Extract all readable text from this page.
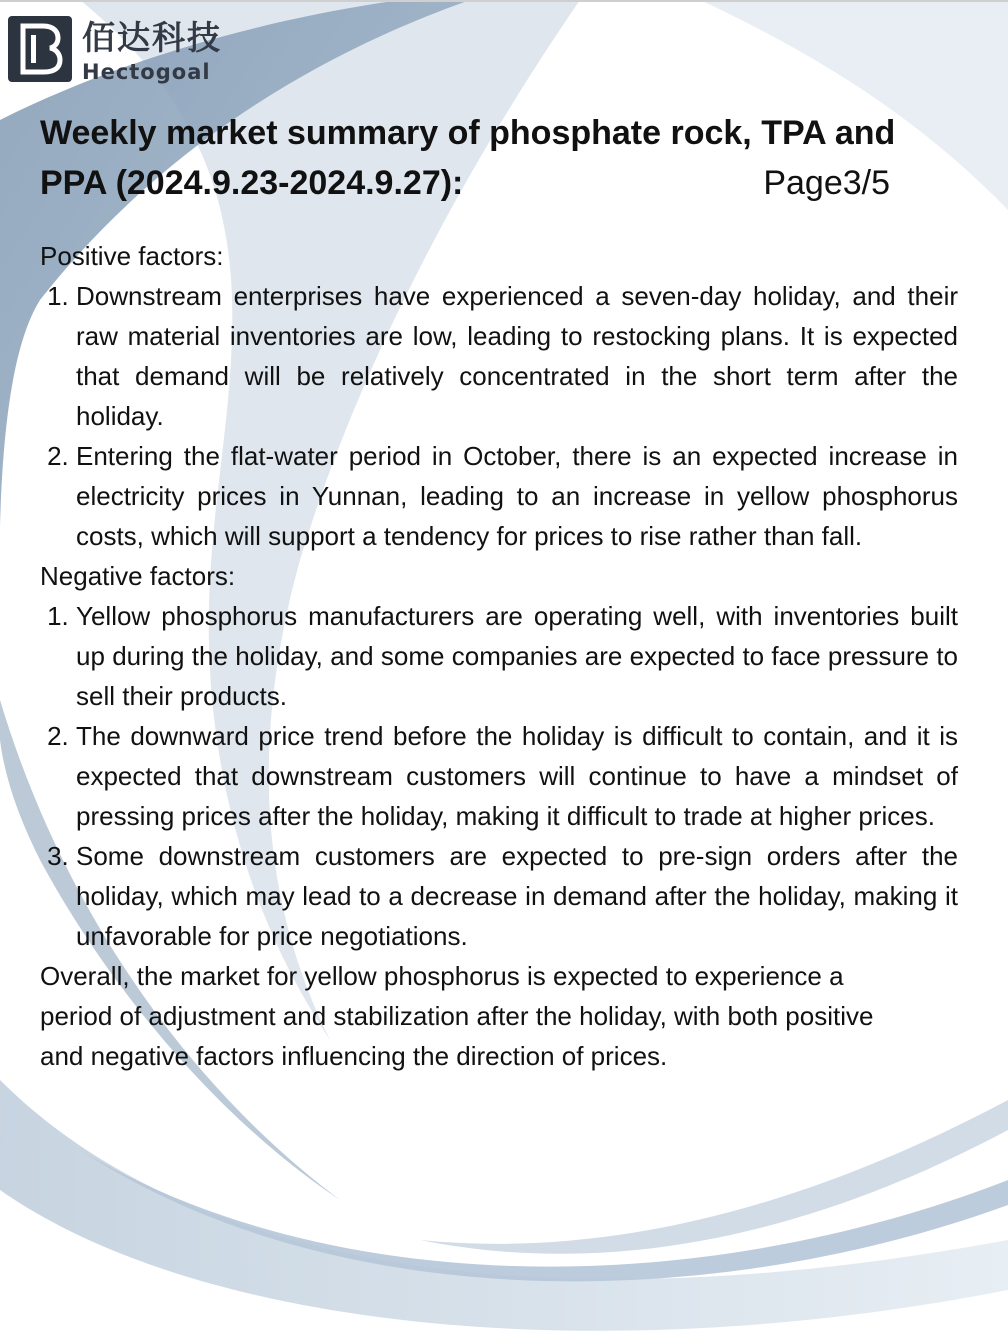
佰达科技
Hectogoal
Weekly market summary of phosphate rock, TPA and PPA (2024.9.23-2024.9.27):	Page3/5

Positive factors:

1. Downstream enterprises have experienced a seven-day holiday, and their raw material inventories are low, leading to restocking plans. It is expected that demand will be relatively concentrated in the short term after the holiday.
2. Entering the flat-water period in October, there is an expected increase in electricity prices in Yunnan, leading to an increase in yellow phosphorus costs, which will support a tendency for prices to rise rather than fall.

Negative factors:

1. Yellow phosphorus manufacturers are operating well, with inventories built up during the holiday, and some companies are expected to face pressure to sell their products.
2. The downward price trend before the holiday is difficult to contain, and it is expected that downstream customers will continue to have a mindset of pressing prices after the holiday, making it difficult to trade at higher prices.
3. Some downstream customers are expected to pre-sign orders after the holiday, which may lead to a decrease in demand after the holiday, making it unfavorable for price negotiations.

Overall, the market for yellow phosphorus is expected to experience a period of adjustment and stabilization after the holiday, with both positive and negative factors influencing the direction of prices.
